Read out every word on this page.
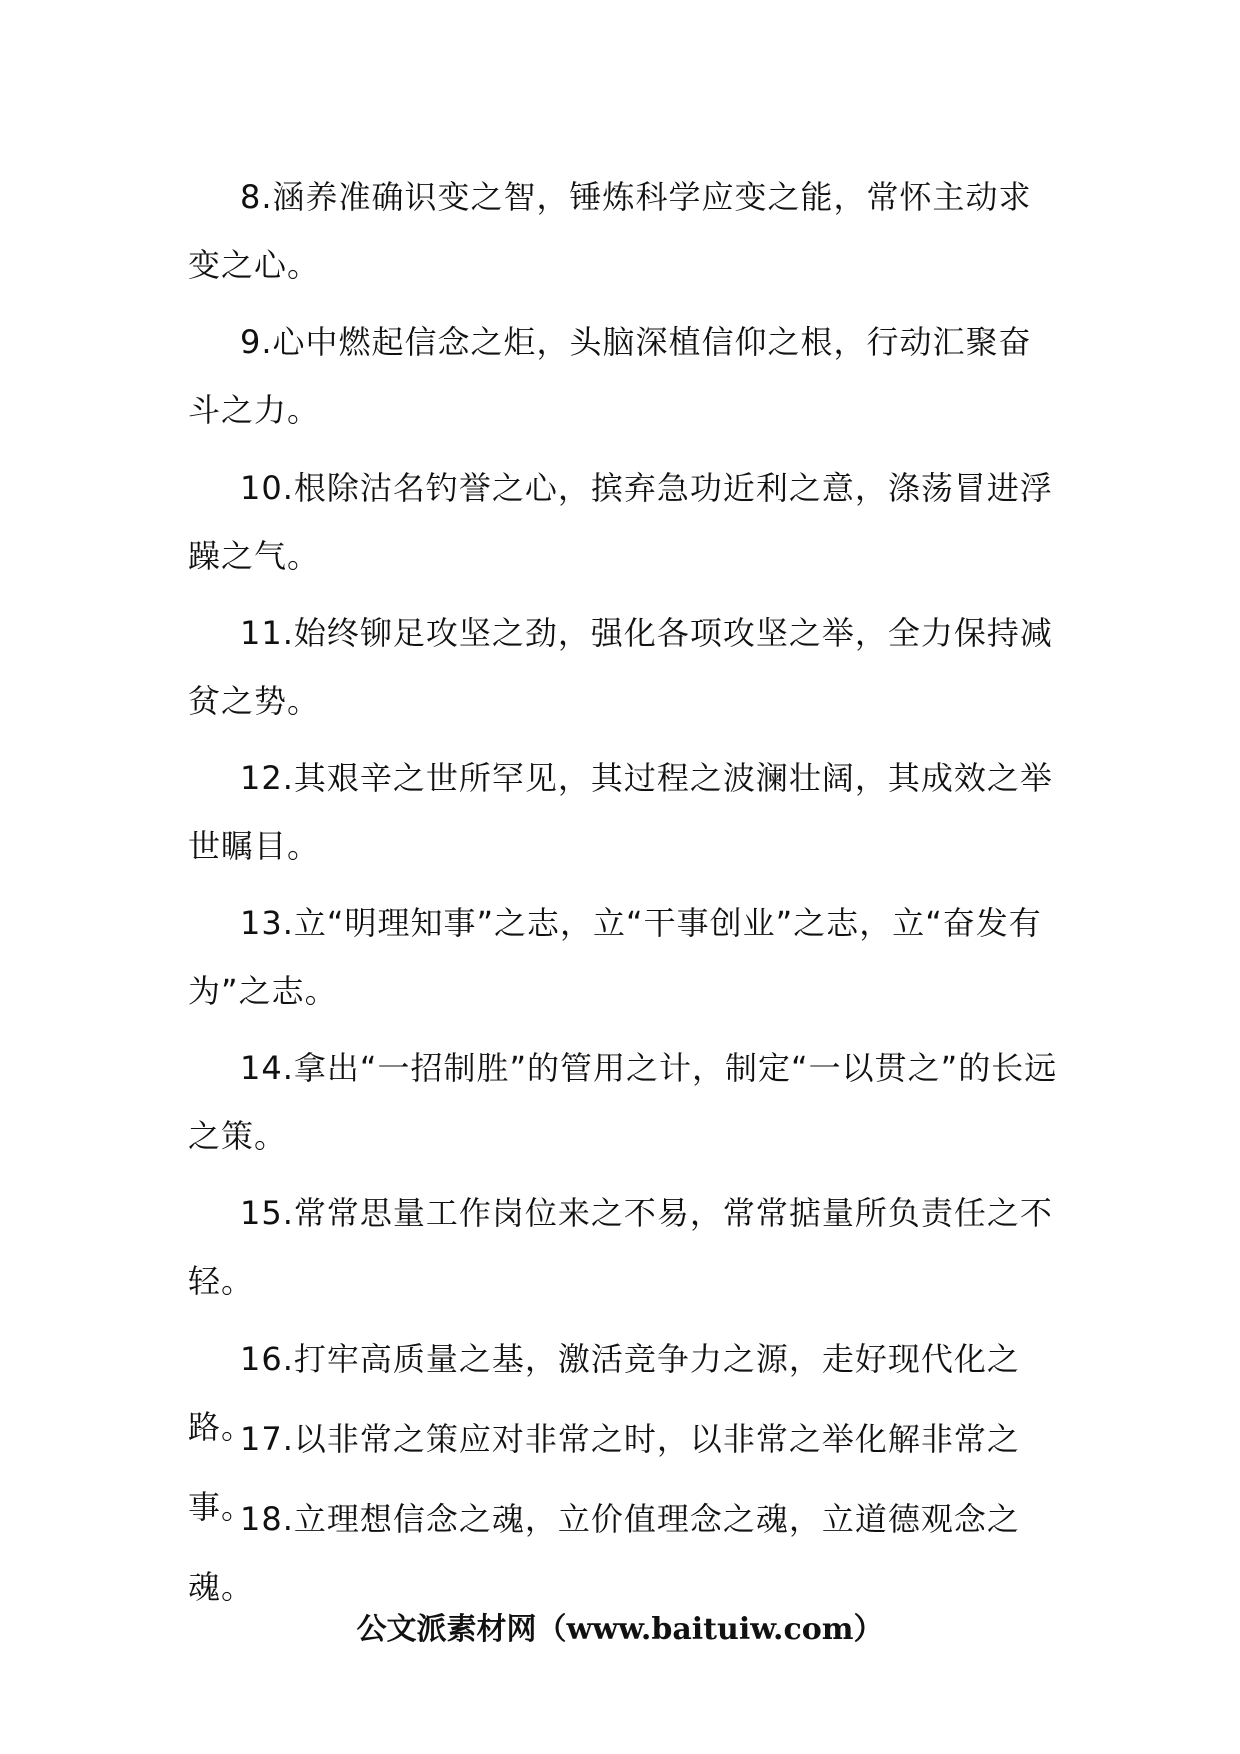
8.涵养准确识变之智，锤炼科学应变之能，常怀主动求变之心。

9.心中燃起信念之炬，头脑深植信仰之根，行动汇聚奋斗之力。

10.根除沽名钓誉之心，摈弃急功近利之意，涤荡冒进浮躁之气。

11.始终铆足攻坚之劲，强化各项攻坚之举，全力保持减贫之势。

12.其艰辛之世所罕见，其过程之波澜壮阔，其成效之举世瞩目。

13.立“明理知事”之志，立“干事创业”之志，立“奋发有为”之志。

14.拿出“一招制胜”的管用之计，制定“一以贯之”的长远之策。

15.常常思量工作岗位来之不易，常常掂量所负责任之不轻。

16.打牢高质量之基，激活竞争力之源，走好现代化之路。

17.以非常之策应对非常之时，以非常之举化解非常之事。

18.立理想信念之魂，立价值理念之魂，立道德观念之魂。

公文派素材网（www.baituiw.com）
